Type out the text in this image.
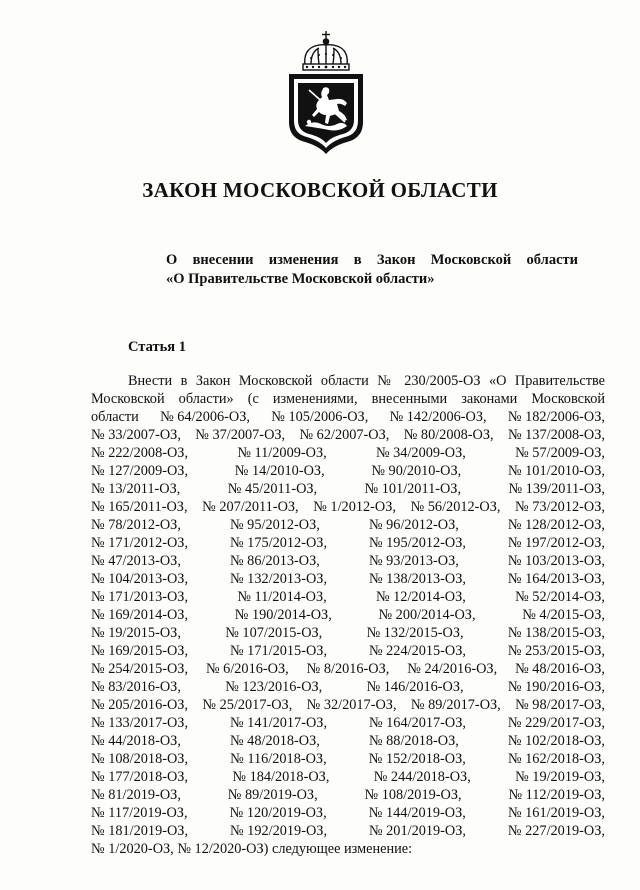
ЗАКОН МОСКОВСКОЙ ОБЛАСТИ
О внесении изменения в Закон Московской области
«О Правительстве Московской области»
Статья 1
Внести в Закон Московской области № 230/2005-ОЗ «О Правительстве
Московской области» (с изменениями, внесенными законами Московской
области № 64/2006-ОЗ, № 105/2006-ОЗ, № 142/2006-ОЗ, № 182/2006-ОЗ,
№ 33/2007-ОЗ, № 37/2007-ОЗ, № 62/2007-ОЗ, № 80/2008-ОЗ, № 137/2008-ОЗ,
№ 222/2008-ОЗ,	№ 11/2009-ОЗ,	№ 34/2009-ОЗ,	№ 57/2009-ОЗ,
№ 127/2009-ОЗ,	№ 14/2010-ОЗ,	№ 90/2010-ОЗ,	№ 101/2010-ОЗ,
№ 13/2011-ОЗ,	№ 45/2011-ОЗ,	№ 101/2011-ОЗ,	№ 139/2011-ОЗ,
№ 165/2011-ОЗ, № 207/2011-ОЗ, № 1/2012-ОЗ, № 56/2012-ОЗ, № 73/2012-ОЗ,
№ 78/2012-ОЗ,	№ 95/2012-ОЗ,	№ 96/2012-ОЗ,	№ 128/2012-ОЗ,
№ 171/2012-ОЗ,	№ 175/2012-ОЗ,	№ 195/2012-ОЗ,	№ 197/2012-ОЗ,
№ 47/2013-ОЗ,	№ 86/2013-ОЗ,	№ 93/2013-ОЗ,	№ 103/2013-ОЗ,
№ 104/2013-ОЗ,	№ 132/2013-ОЗ,	№ 138/2013-ОЗ,	№ 164/2013-ОЗ,
№ 171/2013-ОЗ,	№ 11/2014-ОЗ,	№ 12/2014-ОЗ,	№ 52/2014-ОЗ,
№ 169/2014-ОЗ,	№ 190/2014-ОЗ,	№ 200/2014-ОЗ,	№ 4/2015-ОЗ,
№ 19/2015-ОЗ,	№ 107/2015-ОЗ,	№ 132/2015-ОЗ,	№ 138/2015-ОЗ,
№ 169/2015-ОЗ,	№ 171/2015-ОЗ,	№ 224/2015-ОЗ,	№ 253/2015-ОЗ,
№ 254/2015-ОЗ, № 6/2016-ОЗ, № 8/2016-ОЗ, № 24/2016-ОЗ, № 48/2016-ОЗ,
№ 83/2016-ОЗ,	№ 123/2016-ОЗ,	№ 146/2016-ОЗ,	№ 190/2016-ОЗ,
№ 205/2016-ОЗ, № 25/2017-ОЗ, № 32/2017-ОЗ, № 89/2017-ОЗ, № 98/2017-ОЗ,
№ 133/2017-ОЗ,	№ 141/2017-ОЗ,	№ 164/2017-ОЗ,	№ 229/2017-ОЗ,
№ 44/2018-ОЗ,	№ 48/2018-ОЗ,	№ 88/2018-ОЗ,	№ 102/2018-ОЗ,
№ 108/2018-ОЗ,	№ 116/2018-ОЗ,	№ 152/2018-ОЗ,	№ 162/2018-ОЗ,
№ 177/2018-ОЗ,	№ 184/2018-ОЗ,	№ 244/2018-ОЗ,	№ 19/2019-ОЗ,
№ 81/2019-ОЗ,	№ 89/2019-ОЗ,	№ 108/2019-ОЗ,	№ 112/2019-ОЗ,
№ 117/2019-ОЗ,	№ 120/2019-ОЗ,	№ 144/2019-ОЗ,	№ 161/2019-ОЗ,
№ 181/2019-ОЗ,	№ 192/2019-ОЗ,	№ 201/2019-ОЗ,	№ 227/2019-ОЗ,
№ 1/2020-ОЗ, № 12/2020-ОЗ) следующее изменение:
